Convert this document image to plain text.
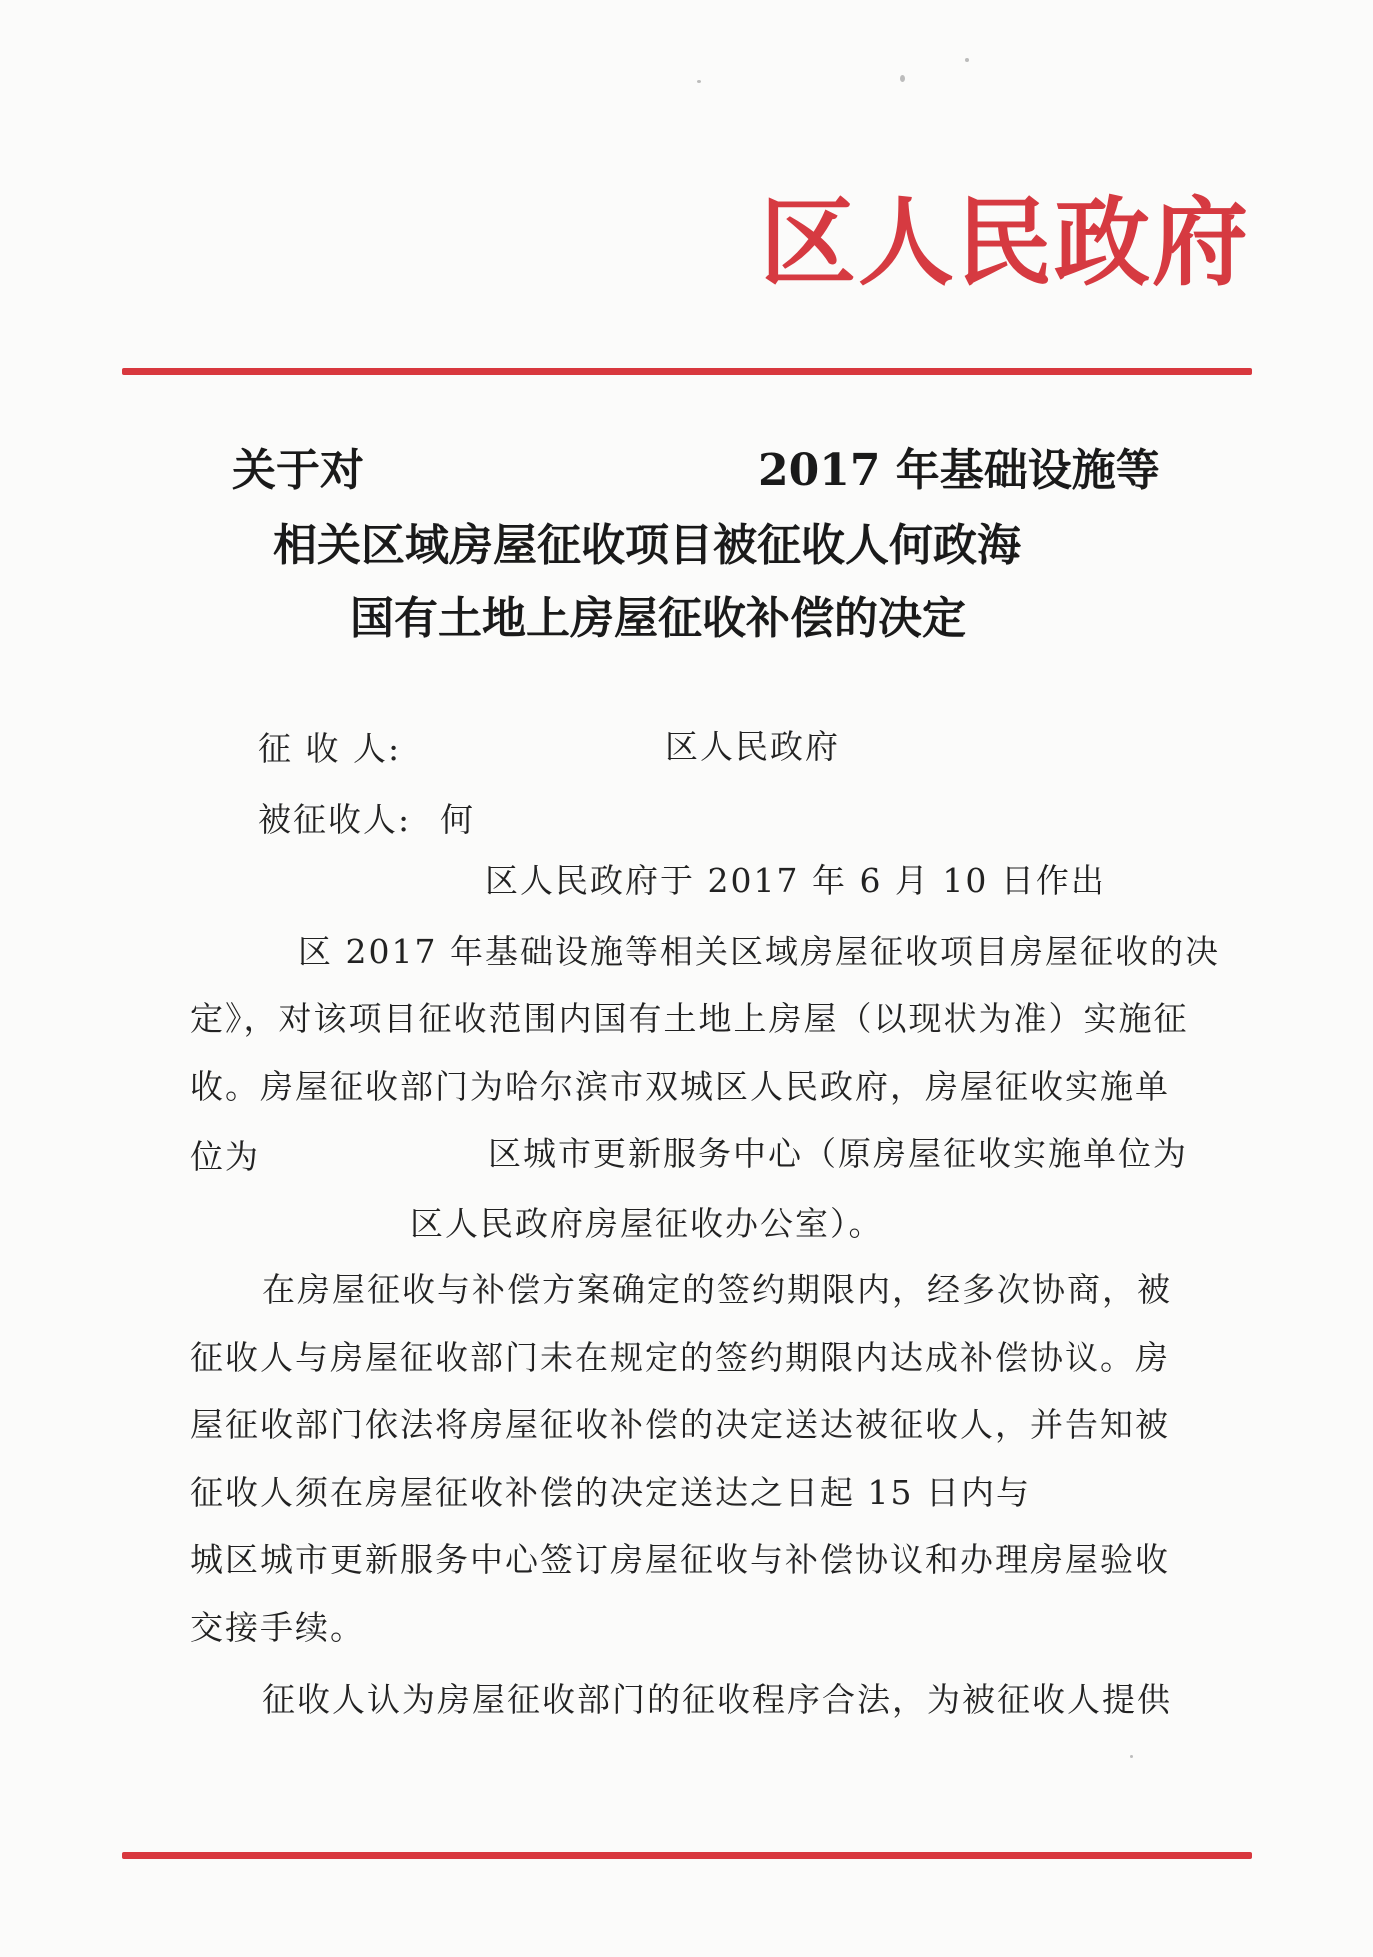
区人民政府
关于对	2017 年基础设施等
相关区域房屋征收项目被征收人何政海
国有土地上房屋征收补偿的决定
征 收 人:	区人民政府
被征收人: 何
区人民政府于 2017 年 6 月 10 日作出
区 2017 年基础设施等相关区域房屋征收项目房屋征收的决
定》，对该项目征收范围内国有土地上房屋（以现状为准）实施征
收。房屋征收部门为哈尔滨市双城区人民政府，房屋征收实施单
位为	区城市更新服务中心（原房屋征收实施单位为
区人民政府房屋征收办公室）。
在房屋征收与补偿方案确定的签约期限内，经多次协商，被
征收人与房屋征收部门未在规定的签约期限内达成补偿协议。房
屋征收部门依法将房屋征收补偿的决定送达被征收人，并告知被
征收人须在房屋征收补偿的决定送达之日起 15 日内与
城区城市更新服务中心签订房屋征收与补偿协议和办理房屋验收
交接手续。
征收人认为房屋征收部门的征收程序合法，为被征收人提供
